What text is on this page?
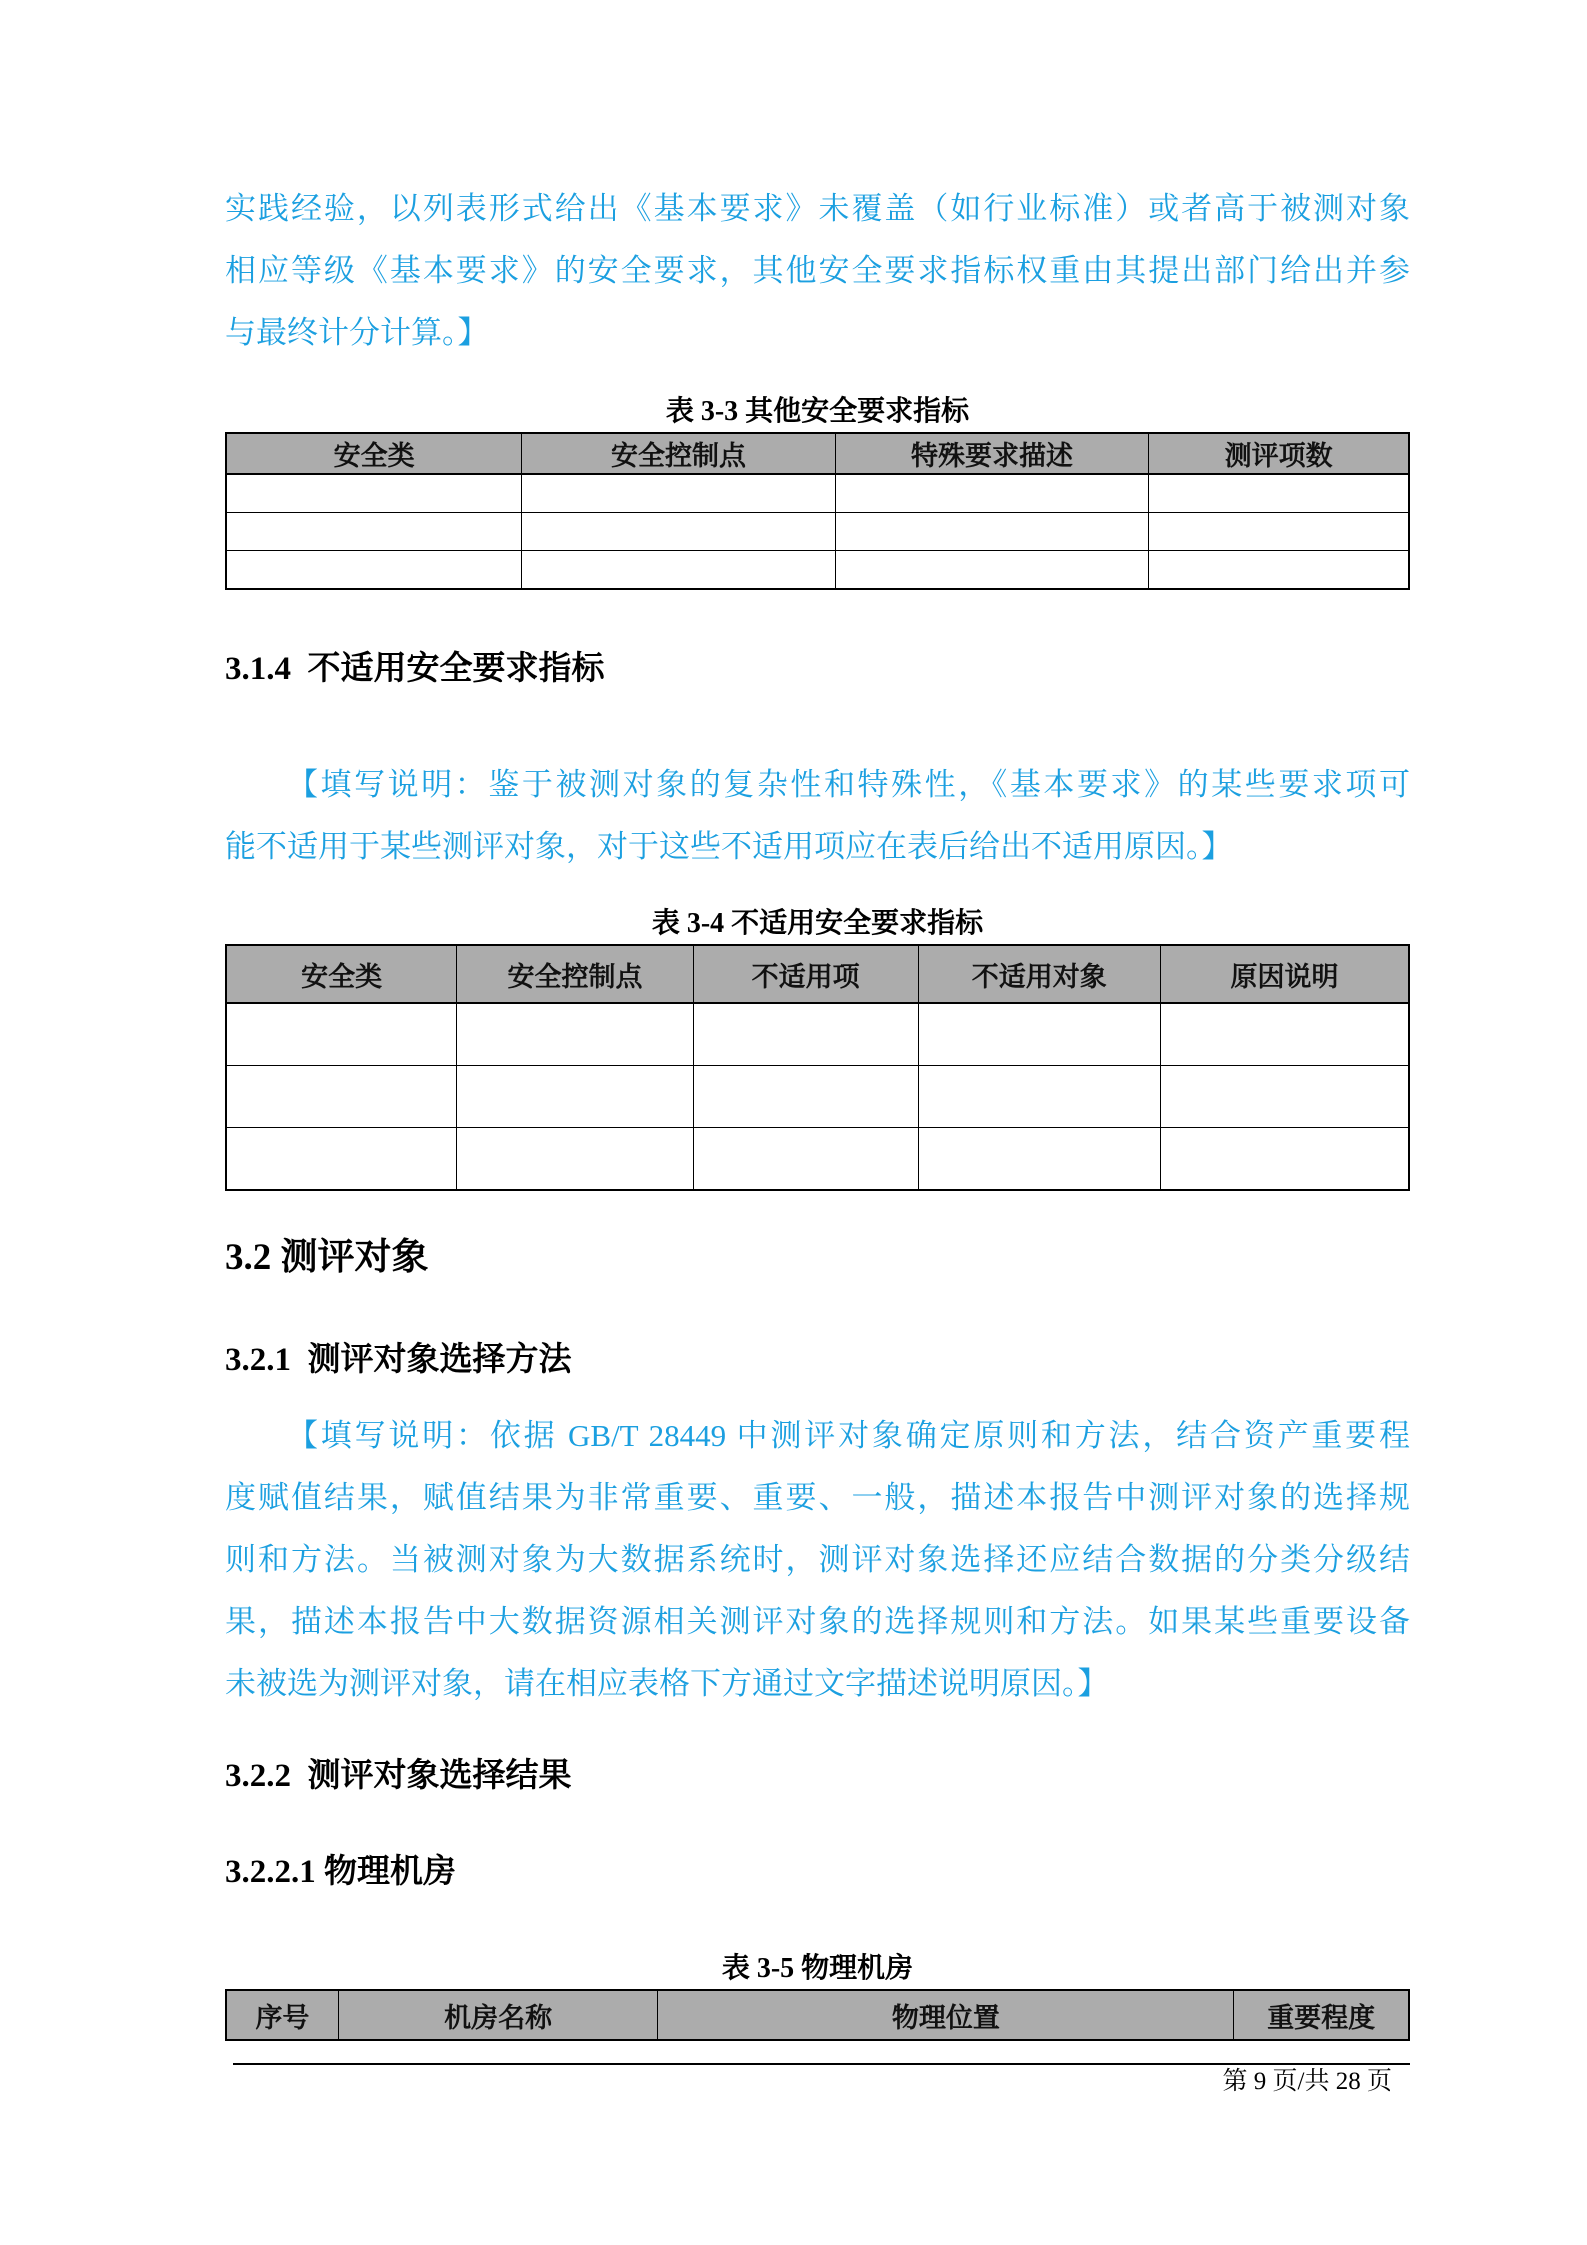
实践经验，以列表形式给出《基本要求》未覆盖（如行业标准）或者高于被测对象
相应等级《基本要求》的安全要求，其他安全要求指标权重由其提出部门给出并参
与最终计分计算。】
表 3-3 其他安全要求指标
安全类	安全控制点	特殊要求描述	测评项数

3.1.4  不适用安全要求指标
【填写说明：鉴于被测对象的复杂性和特殊性，《基本要求》的某些要求项可
能不适用于某些测评对象，对于这些不适用项应在表后给出不适用原因。】
表 3-4 不适用安全要求指标
安全类	安全控制点	不适用项	不适用对象	原因说明

3.2 测评对象
3.2.1  测评对象选择方法
【填写说明：依据 GB/T 28449 中测评对象确定原则和方法，结合资产重要程
度赋值结果，赋值结果为非常重要、重要、一般，描述本报告中测评对象的选择规
则和方法。当被测对象为大数据系统时，测评对象选择还应结合数据的分类分级结
果，描述本报告中大数据资源相关测评对象的选择规则和方法。如果某些重要设备
未被选为测评对象，请在相应表格下方通过文字描述说明原因。】
3.2.2  测评对象选择结果
3.2.2.1 物理机房
表 3-5 物理机房
序号	机房名称	物理位置	重要程度
第 9 页/共 28 页
